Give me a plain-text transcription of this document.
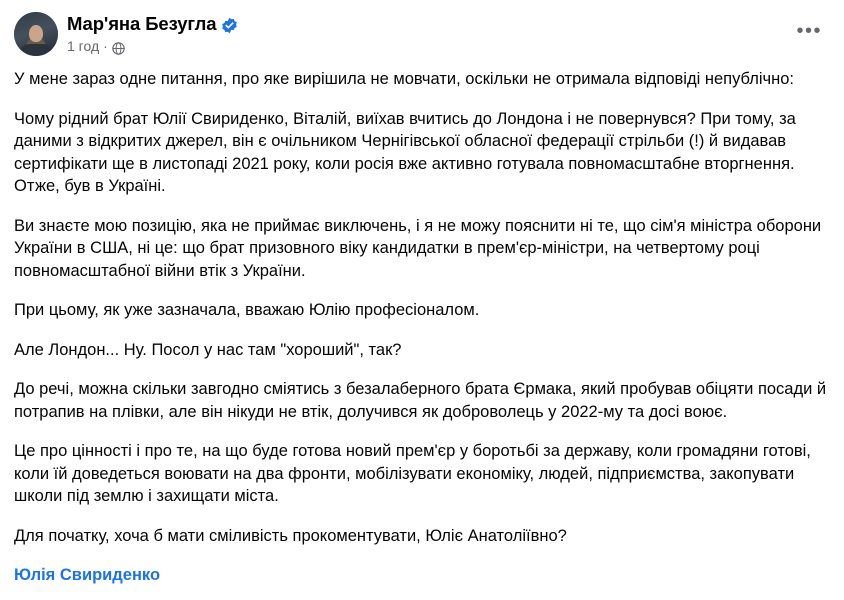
Мар'яна Безугла
1 год ·
•••

У мене зараз одне питання, про яке вирішила не мовчати, оскільки не отримала відповіді непублічно:

Чому рідний брат Юлії Свириденко, Віталій, виїхав вчитись до Лондона і не повернувся? При тому, за даними з відкритих джерел, він є очільником Чернігівської обласної федерації стрільби (!) й видавав сертифікати ще в листопаді 2021 року, коли росія вже активно готувала повномасштабне вторгнення. Отже, був в Україні.

Ви знаєте мою позицію, яка не приймає виключень, і я не можу пояснити ні те, що сім'я міністра оборони України в США, ні це: що брат призовного віку кандидатки в прем'єр-міністри, на четвертому році повномасштабної війни втік з України.

При цьому, як уже зазначала, вважаю Юлію професіоналом.

Але Лондон... Ну. Посол у нас там "хороший", так?

До речі, можна скільки завгодно сміятись з безалаберного брата Єрмака, який пробував обіцяти посади й потрапив на плівки, але він нікуди не втік, долучився як доброволець у 2022-му та досі воює.

Це про цінності і про те, на що буде готова новий прем'єр у боротьбі за державу, коли громадяни готові, коли їй доведеться воювати на два фронти, мобілізувати економіку, людей, підприємства, закопувати школи під землю і захищати міста.

Для початку, хоча б мати сміливість прокоментувати, Юліє Анатоліївно?

Юлія Свириденко
